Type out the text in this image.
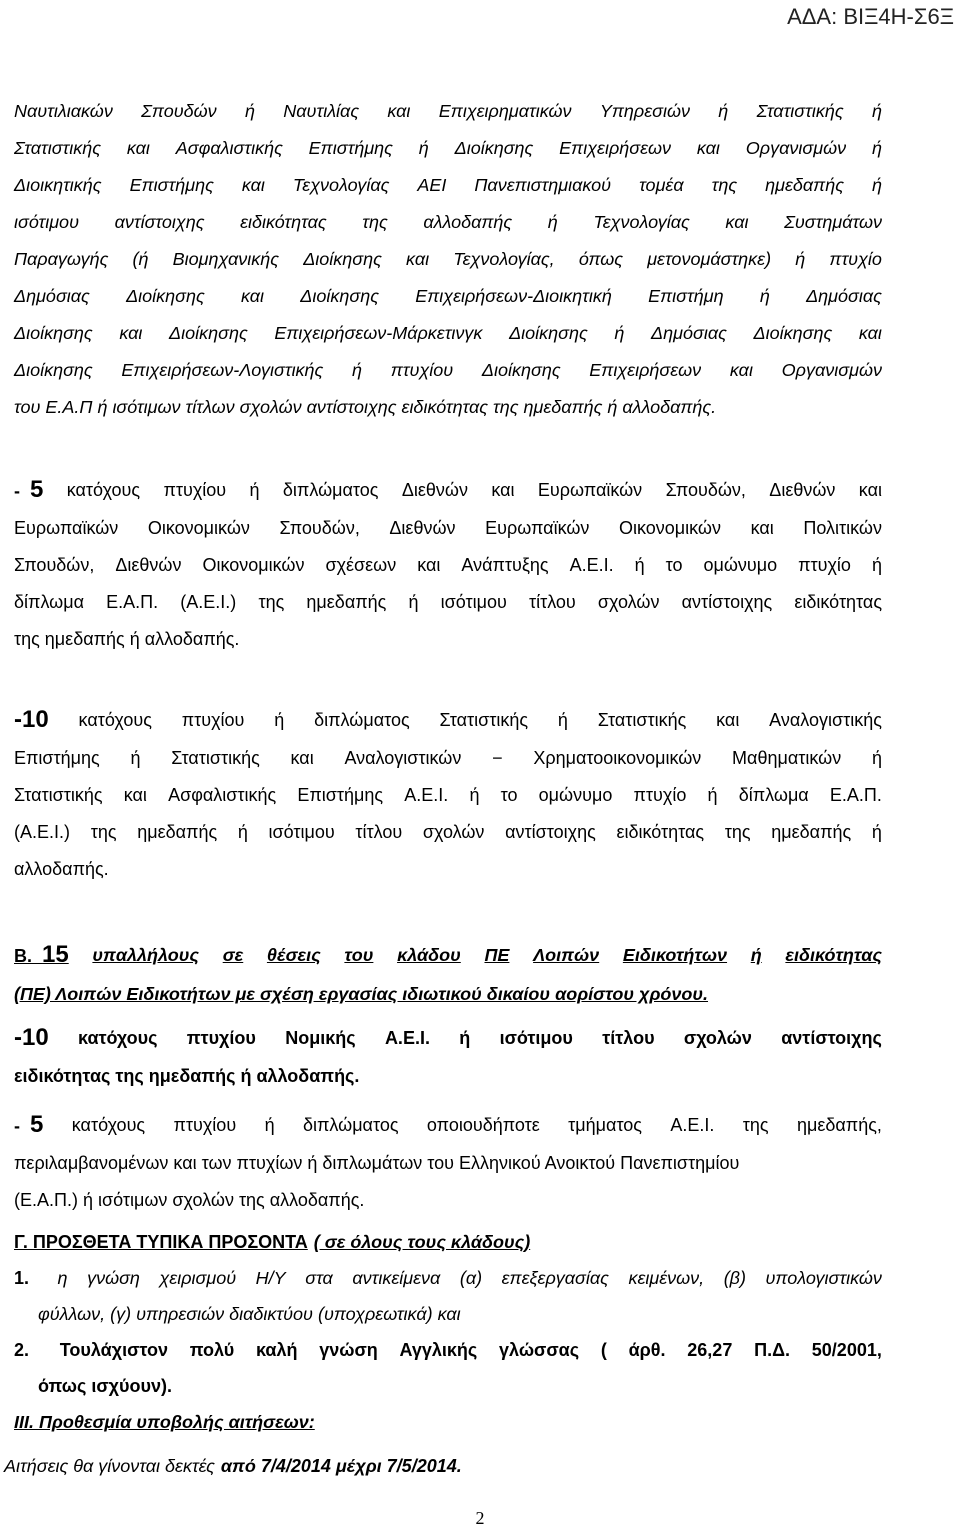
ΑΔΑ: ΒΙΞ4Η-Σ6Ξ
Ναυτιλιακών Σπουδών ή Ναυτιλίας και Επιχειρηματικών Υπηρεσιών ή Στατιστικής ή
Στατιστικής και Ασφαλιστικής Επιστήμης ή Διοίκησης Επιχειρήσεων και Οργανισμών ή
Διοικητικής Επιστήμης και Τεχνολογίας ΑΕΙ Πανεπιστημιακού τομέα της ημεδαπής ή
ισότιμου αντίστοιχης ειδικότητας της αλλοδαπής ή Τεχνολογίας και Συστημάτων
Παραγωγής (ή Βιομηχανικής Διοίκησης και Τεχνολογίας, όπως μετονομάστηκε) ή πτυχίο
Δημόσιας Διοίκησης και Διοίκησης Επιχειρήσεων-Διοικητική Επιστήμη ή Δημόσιας
Διοίκησης και Διοίκησης Επιχειρήσεων-Μάρκετινγκ Διοίκησης ή Δημόσιας Διοίκησης και
Διοίκησης Επιχειρήσεων-Λογιστικής ή πτυχίου Διοίκησης Επιχειρήσεων και Οργανισμών
του Ε.Α.Π ή ισότιμων τίτλων σχολών αντίστοιχης ειδικότητας της ημεδαπής ή αλλοδαπής.
- 5 κατόχους πτυχίου ή διπλώματος Διεθνών και Ευρωπαϊκών Σπουδών, Διεθνών και
Ευρωπαϊκών Οικονομικών Σπουδών, Διεθνών Ευρωπαϊκών Οικονομικών και Πολιτικών
Σπουδών, Διεθνών Οικονομικών σχέσεων και Ανάπτυξης Α.Ε.Ι. ή το ομώνυμο πτυχίο ή
δίπλωμα Ε.Α.Π. (Α.Ε.Ι.) της ημεδαπής ή ισότιμου τίτλου σχολών αντίστοιχης ειδικότητας
της ημεδαπής ή αλλοδαπής.
-10 κατόχους πτυχίου ή διπλώματος Στατιστικής ή Στατιστικής και Αναλογιστικής
Επιστήμης ή Στατιστικής και Αναλογιστικών − Χρηματοοικονομικών Μαθηματικών ή
Στατιστικής και Ασφαλιστικής Επιστήμης Α.Ε.Ι. ή το ομώνυμο πτυχίο ή δίπλωμα Ε.Α.Π.
(Α.Ε.Ι.) της ημεδαπής ή ισότιμου τίτλου σχολών αντίστοιχης ειδικότητας της ημεδαπής ή
αλλοδαπής.
Β. 15 υπαλλήλους σε θέσεις του κλάδου ΠΕ Λοιπών Ειδικοτήτων ή ειδικότητας
(ΠΕ) Λοιπών Ειδικοτήτων με σχέση εργασίας ιδιωτικού δικαίου αορίστου χρόνου.
-10 κατόχους πτυχίου Νομικής Α.Ε.Ι. ή ισότιμου τίτλου σχολών αντίστοιχης
ειδικότητας της ημεδαπής ή αλλοδαπής.
- 5 κατόχους πτυχίου ή διπλώματος οποιουδήποτε τμήματος Α.Ε.Ι. της ημεδαπής,
περιλαμβανομένων και των πτυχίων ή διπλωμάτων του Ελληνικού Ανοικτού Πανεπιστημίου
(Ε.Α.Π.) ή ισότιμων σχολών της αλλοδαπής.
Γ. ΠΡΟΣΘΕΤΑ ΤΥΠΙΚΑ ΠΡΟΣΟΝΤΑ ( σε όλους τους κλάδους)
1.	η γνώση χειρισμού Η/Υ στα αντικείμενα (α) επεξεργασίας κειμένων, (β) υπολογιστικών
φύλλων, (γ) υπηρεσιών διαδικτύου (υποχρεωτικά) και
2.	Τουλάχιστον πολύ καλή γνώση Αγγλικής γλώσσας ( άρθ. 26,27 Π.Δ. 50/2001,
όπως ισχύουν).
ΙΙΙ. Προθεσμία υποβολής αιτήσεων:
Αιτήσεις θα γίνονται δεκτές από 7/4/2014 μέχρι 7/5/2014.
2
